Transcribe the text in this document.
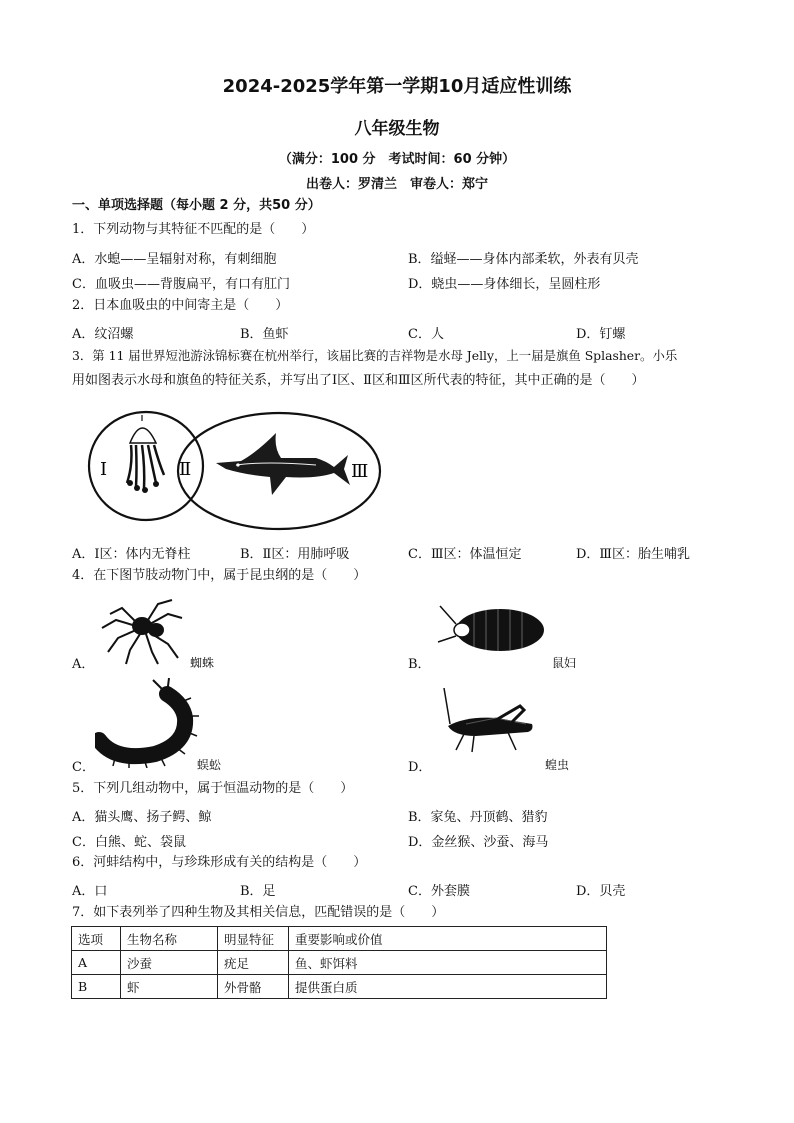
2024-2025学年第一学期10月适应性训练
八年级生物
（满分：100 分　考试时间：60 分钟）
出卷人：罗清兰　审卷人：郑宁
一、单项选择题（每小题 2 分，共50 分）
1．下列动物与其特征不匹配的是（　　）
A．水螅——呈辐射对称，有刺细胞	B．缢蛏——身体内部柔软，外表有贝壳
C．血吸虫——背腹扁平，有口有肛门	D．蛲虫——身体细长，呈圆柱形
2．日本血吸虫的中间寄主是（　　）
A．纹沼螺	B．鱼虾	C．人	D．钉螺
3．第 11 届世界短池游泳锦标赛在杭州举行，该届比赛的吉祥物是水母 Jelly，上一届是旗鱼 Splasher。小乐
用如图表示水母和旗鱼的特征关系，并写出了Ⅰ区、Ⅱ区和Ⅲ区所代表的特征，其中正确的是（　　）
Ⅰ	Ⅱ	Ⅲ
A．Ⅰ区：体内无脊柱	B．Ⅱ区：用肺呼吸	C．Ⅲ区：体温恒定	D．Ⅲ区：胎生哺乳
4．在下图节肢动物门中，属于昆虫纲的是（　　）
A．	蜘蛛	B．	鼠妇
C．	蜈蚣	D．	蝗虫
5．下列几组动物中，属于恒温动物的是（　　）
A．猫头鹰、扬子鳄、鲸	B．家兔、丹顶鹤、猎豹
C．白熊、蛇、袋鼠	D．金丝猴、沙蚕、海马
6．河蚌结构中，与珍珠形成有关的结构是（　　）
A．口	B．足	C．外套膜	D．贝壳
7．如下表列举了四种生物及其相关信息，匹配错误的是（　　）
选项	生物名称	明显特征	重要影响或价值
A	沙蚕	疣足	鱼、虾饵料
B	虾	外骨骼	提供蛋白质
